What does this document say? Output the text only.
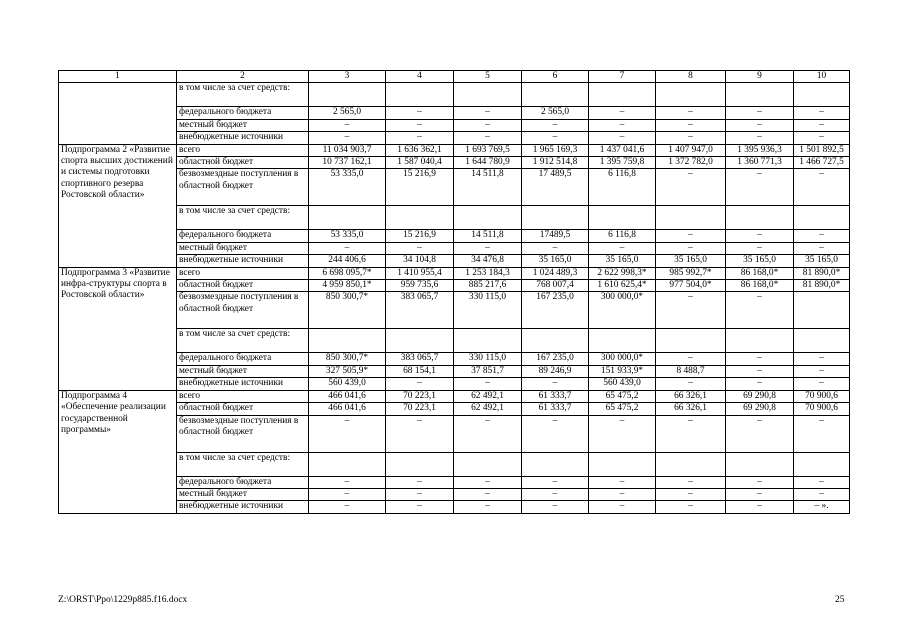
1	2	3	4	5	6	7	8	9	10
	в том числе за счет средств:								
	федерального бюджета	2 565,0	–	–	2 565,0	–	–	–	–
	местный бюджет	–	–	–	–	–	–	–	–
	внебюджетные источники	–	–	–	–	–	–	–	–
Подпрограмма 2 «Развитие спорта высших достижений и системы подготовки спортивного резерва Ростовской области»	всего	11 034 903,7	1 636 362,1	1 693 769,5	1 965 169,3	1 437 041,6	1 407 947,0	1 395 936,3	1 501 892,5
	областной бюджет	10 737 162,1	1 587 040,4	1 644 780,9	1 912 514,8	1 395 759,8	1 372 782,0	1 360 771,3	1 466 727,5
	безвозмездные поступления в областной бюджет	53 335,0	15 216,9	14 511,8	17 489,5	6 116,8	–	–	–
	в том числе за счет средств:								
	федерального бюджета	53 335,0	15 216,9	14 511,8	17489,5	6 116,8	–	–	–
	местный бюджет	–	–	–	–	–	–	–	–
	внебюджетные источники	244 406,6	34 104,8	34 476,8	35 165,0	35 165,0	35 165,0	35 165,0	35 165,0
Подпрограмма 3 «Развитие инфра-структуры спорта в Ростовской области»	всего	6 698 095,7*	1 410 955,4	1 253 184,3	1 024 489,3	2 622 998,3*	985 992,7*	86 168,0*	81 890,0*
	областной бюджет	4 959 850,1*	959 735,6	885 217,6	768 007,4	1 610 625,4*	977 504,0*	86 168,0*	81 890,0*
	безвозмездные поступления в областной бюджет	850 300,7*	383 065,7	330 115,0	167 235,0	300 000,0*	–	–	
	в том числе за счет средств:								
	федерального бюджета	850 300,7*	383 065,7	330 115,0	167 235,0	300 000,0*	–	–	–
	местный бюджет	327 505,9*	68 154,1	37 851,7	89 246,9	151 933,9*	8 488,7	–	–
	внебюджетные источники	560 439,0	–	–	–	560 439,0	–	–	–
Подпрограмма 4 «Обеспечение реализации государственной программы»	всего	466 041,6	70 223,1	62 492,1	61 333,7	65 475,2	66 326,1	69 290,8	70 900,6
	областной бюджет	466 041,6	70 223,1	62 492,1	61 333,7	65 475,2	66 326,1	69 290,8	70 900,6
	безвозмездные поступления в областной бюджет	–	–	–	–	–	–	–	–
	в том числе за счет средств:								
	федерального бюджета	–	–	–	–	–	–	–	–
	местный бюджет	–	–	–	–	–	–	–	–
	внебюджетные источники	–	–	–	–	–	–	–	– ».
Z:\ORST\Ppo\1229p885.f16.docx	25
